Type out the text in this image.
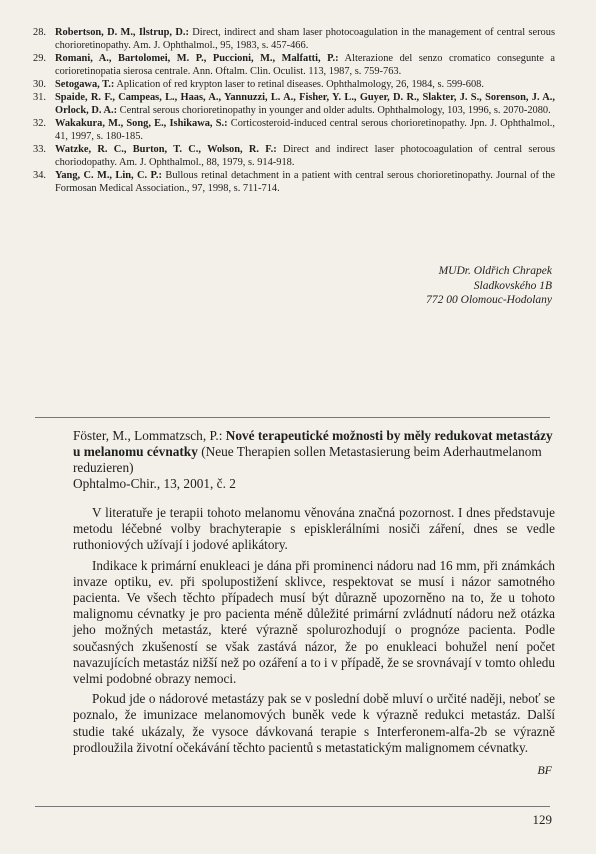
28. Robertson, D. M., Ilstrup, D.: Direct, indirect and sham laser photocoagulation in the management of central serous chorioretinopathy. Am. J. Ophthalmol., 95, 1983, s. 457-466.
29. Romani, A., Bartolomei, M. P., Puccioni, M., Malfatti, P.: Alterazione del senzo cromatico consegunte a corioretinopatia sierosa centrale. Ann. Oftalm. Clin. Oculist. 113, 1987, s. 759-763.
30. Setogawa, T.: Aplication of red krypton laser to retinal diseases. Ophthalmology, 26, 1984, s. 599-608.
31. Spaide, R. F., Campeas, L., Haas, A., Yannuzzi, L. A., Fisher, Y. L., Guyer, D. R., Slakter, J. S., Sorenson, J. A., Orlock, D. A.: Central serous chorioretinopathy in younger and older adults. Ophthalmology, 103, 1996, s. 2070-2080.
32. Wakakura, M., Song, E., Ishikawa, S.: Corticosteroid-induced central serous chorioretinopathy. Jpn. J. Ophthalmol., 41, 1997, s. 180-185.
33. Watzke, R. C., Burton, T. C., Wolson, R. F.: Direct and indirect laser photocoagulation of central serous choriodopathy. Am. J. Ophthalmol., 88, 1979, s. 914-918.
34. Yang, C. M., Lin, C. P.: Bullous retinal detachment in a patient with central serous chorioretinopathy. Journal of the Formosan Medical Association., 97, 1998, s. 711-714.
MUDr. Oldřich Chrapek
Sladkovského 1B
772 00 Olomouc-Hodolany
Föster, M., Lommatzsch, P.: Nové terapeutické možnosti by měly redukovat metastázy u melanomu cévnatky (Neue Therapien sollen Metastasierung beim Aderhautmelanom reduzieren)
Ophtalmo-Chir., 13, 2001, č. 2

V literatuře je terapii tohoto melanomu věnována značná pozornost. I dnes představuje metodu léčebné volby brachyterapie s episklerálními nosiči záření, dnes se vedle ruthoniových užívají i jodové aplikátory.

Indikace k primární enukleaci je dána při prominenci nádoru nad 16 mm, při známkách invaze optiku, ev. při spolupostižení sklivce, respektovat se musí i názor samotného pacienta. Ve všech těchto případech musí být důrazně upozorněno na to, že u tohoto malignomu cévnatky je pro pacienta méně důležité primární zvládnutí nádoru než otázka jeho možných metastáz, které výrazně spolurozhodují o prognóze pacienta. Podle současných zkušeností se však zastává názor, že po enukleaci bohužel není počet navazujících metastáz nižší než po ozáření a to i v případě, že se srovnávají v tomto ohledu velmi podobné obrazy nemoci.

Pokud jde o nádorové metastázy pak se v poslední době mluví o určité naději, neboť se poznalo, že imunizace melanomových buněk vede k výrazně redukci metastáz. Další studie také ukázaly, že vysoce dávkovaná terapie s Interferonem-alfa-2b se výrazně prodloužila životní očekávání těchto pacientů s metastatickým malignomem cévnatky.

BF
129
